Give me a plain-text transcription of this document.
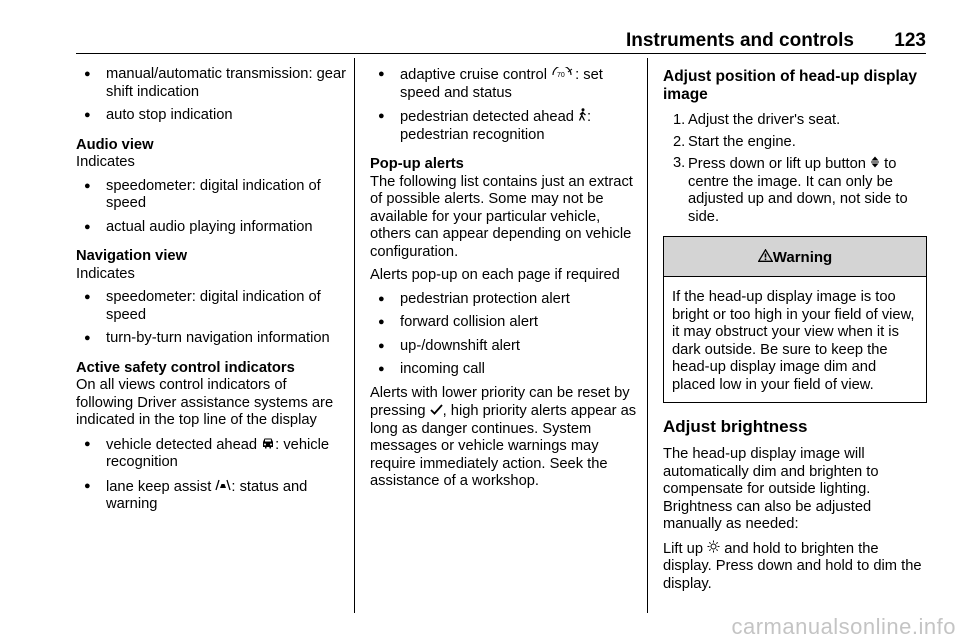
Instruments and controls 123
● manual/automatic transmission: gear shift indication
● auto stop indication

Audio view

Indicates

● speedometer: digital indication of speed
● actual audio playing information

Navigation view

Indicates

● speedometer: digital indication of speed
● turn-by-turn navigation information

Active safety control indicators

On all views control indicators of following Driver assistance systems are indicated in the top line of the display

● vehicle detected ahead : vehicle recognition
● lane keep assist : status and warning
● adaptive cruise control 70 : set speed and status
● pedestrian detected ahead : pedestrian recognition

Pop-up alerts

The following list contains just an extract of possible alerts. Some may not be available for your particular vehicle, others can appear depending on vehicle configuration.

Alerts pop-up on each page if required

● pedestrian protection alert
● forward collision alert
● up-/downshift alert
● incoming call

Alerts with lower priority can be reset by pressing , high priority alerts appear as long as danger continues. System messages or vehicle warnings may require immediately action. Seek the assistance of a workshop.

Adjust position of head-up display image

1. Adjust the driver's seat.
2. Start the engine.
3. Press down or lift up button to centre the image. It can only be adjusted up and down, not side to side.
Warning

If the head-up display image is too bright or too high in your field of view, it may obstruct your view when it is dark outside. Be sure to keep the head-up display image dim and placed low in your field of view.

Adjust brightness

The head-up display image will automatically dim and brighten to compensate for outside lighting. Brightness can also be adjusted manually as needed:

Lift up and hold to brighten the display. Press down and hold to dim the display.

carmanualsonline.info
